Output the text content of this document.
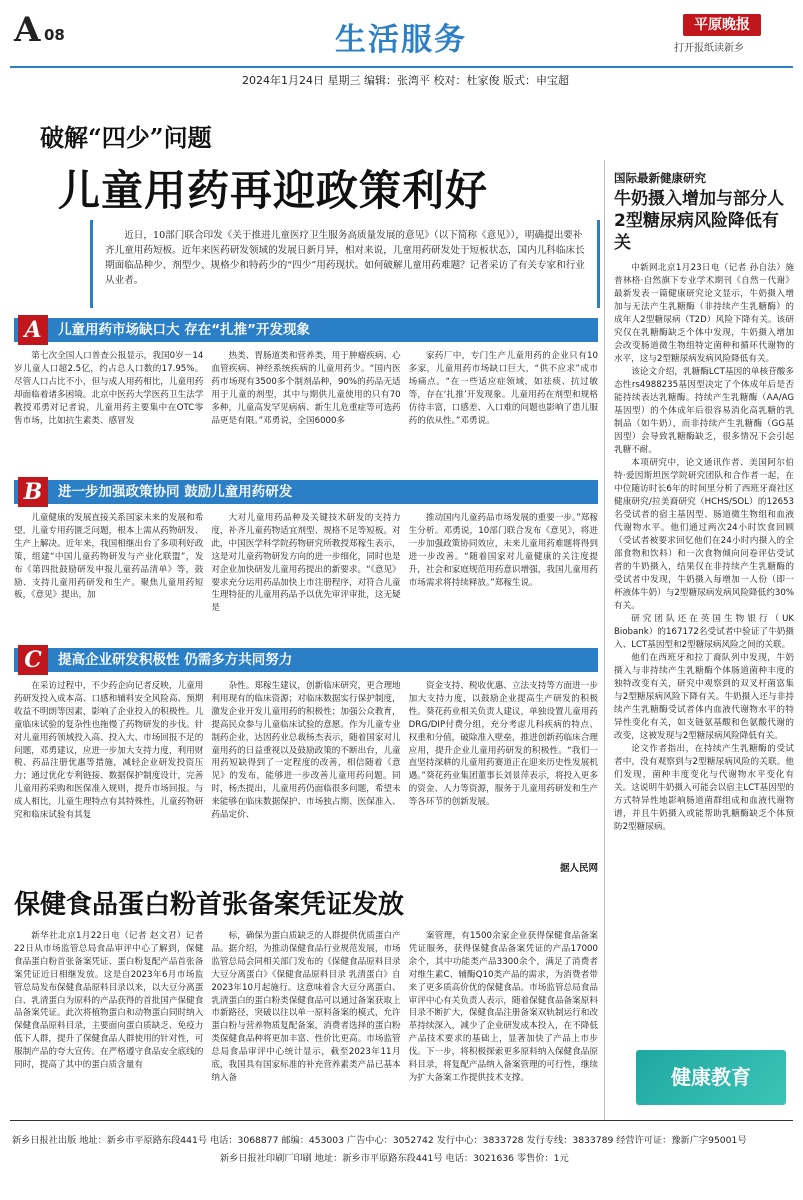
A 08	生活服务	平原晚报
打开报纸读新乡
2024年1月24日 星期三 编辑：张湾平 校对：杜家俊 版式：申宝超
破解“四少”问题
儿童用药再迎政策利好
近日，10部门联合印发《关于推进儿童医疗卫生服务高质量发展的意见》（以下简称《意见》），明确提出要补齐儿童用药短板。近年来医药研发领域的发展日新月异，相对来说，儿童用药研发处于短板状态，国内儿科临床长期面临品种少、剂型少、规格少和特药少的“四少”用药现状。如何破解儿童用药难题？记者采访了有关专家和行业从业者。
儿童用药市场缺口大 存在“扎推”开发现象
A
第七次全国人口普查公报显示，我国0岁－14岁儿童人口超2.5亿，约占总人口数的17.95%。尽管人口占比不小，但与成人用药相比，儿童用药却面临着诸多困境。北京中医药大学医药卫生法学教授邓勇对记者说，儿童用药主要集中在OTC零售市场，比如抗生素类、感冒发
热类、胃肠道类和营养类，用于肿瘤疾病、心血管疾病、神经系统疾病的儿童用药少。“国内医药市场现有3500多个制剂品种，90%的药品无适用于儿童的剂型，其中与期供儿童使用的只有70多种，儿童高发罕见病病、新生儿危重症等可选药品更是有限。”邓勇说，全国6000多
家药厂中，专门生产儿童用药的企业只有10多家，儿童用药市场缺口巨大，“供不应求”成市场痛点。“在一些适应症领域，如祛痰、抗过敏等，存在‘扎推’开发现象。儿童用药在剂型和规格仿待丰富，口感差、入口难的问题也影响了患儿服药的依从性。”邓勇说。
进一步加强政策协同 鼓励儿童用药研发
B
儿童健康的发展直接关系国家未来的发展和希望，儿童专用药匮乏问题，根本上需从药物研发、生产上解决。近年来，我国相继出台了多项利好政策，组建“中国儿童药物研发与产业化联盟”，发布《第四批鼓励研发申报儿童药品清单》等，鼓励、支持儿童用药研发和生产。聚焦儿童用药短板，《意见》提出，加
大对儿童用药品种及关键技术研发的支持力度，补齐儿童药物适宜剂型、规格不足等短板。对此，中国医学科学院药物研究所教授郑稼生表示，这是对儿童药物研发方向的进一步细化，同时也是对企业加快研发儿童用药提出的新要求。“《意见》要求充分运用药品加快上市注册程序，对符合儿童生理特征的儿童用药品予以优先审评审批，这无疑是
推动国内儿童药品市场发展的重要一步。”郑稼生分析。邓勇说，10部门联合发布《意见》，将进一步加强政策协同效应，未来儿童用药难题将得到进一步改善。“随着国家对儿童健康的关注度提升，社会和家庭规范用药意识增强，我国儿童用药市场需求将持续释放。”郑稼生说。
提高企业研发积极性 仍需多方共同努力
C
在采访过程中，不少药企向记者反映，儿童用药研发投入成本高、口感和辅料安全风险高、预期收益不明朗等因素，影响了企业投入的积极性。儿童临床试验的复杂性也拖慢了药物研发的步伐。针对儿童用药领域投入高、投入大、市场回报不足的问题，邓勇建议，应进一步加大支持力度，利用财税、药品注册优惠等措施，减轻企业研发投资压力；通过优化专利链接、数据保护制度设计，完善儿童用药采购和医保准入规则，提升市场回报。与成人相比，儿童生理特点有其特殊性，儿童药物研究和临床试验有其复
杂性。郑稼生建议，创新临床研究，更合理地利用现有的临床资源；对临床数据实行保护制度，激发企业开发儿童用药的积极性；加强公众教育，提高民众参与儿童临床试验的意愿。作为儿童专业制药企业，达因药业总裁杨杰表示，随着国家对儿童用药的日益重视以及鼓励政策的不断出台，儿童用药短缺得到了一定程度的改善，相信随着《意见》的发布，能够进一步改善儿童用药问题。同时，杨杰提出，儿童用药仍面临很多问题，希望未来能够在临床数据保护、市场独占期、医保准入、药品定价、
资金支持、税收优惠、立法支持等方面进一步加大支持力度，以鼓励企业提高生产研发的积极性。葵花药业相关负责人建议，单独设置儿童用药DRG/DIP付费分组，充分考虑儿科疾病的特点、权重和分值，破除准入壁垒，推进创新药临床合理应用，提升企业儿童用药研发的积极性。“我们一直坚持深耕的儿童用药赛道正在迎来历史性发展机遇。”葵花药业集团董事长刘景萍表示，将投入更多的资金、人力等资源，服务于儿童用药研发和生产等各环节的创新发展。
据人民网
国际最新健康研究
牛奶摄入增加与部分人2型糖尿病风险降低有关

中新网北京1月23日电（记者 孙自法）施普林格·自然旗下专业学术期刊《自然－代谢》最新发表一篇健康研究论文显示，牛奶摄入增加与无法产生乳糖酶（非持续产生乳糖酶）的成年人2型糖尿病（T2D）风险下降有关。该研究仅在乳糖酶缺乏个体中发现，牛奶摄入增加会改变肠道微生物组特定菌种和循环代谢物的水平，这与2型糖尿病发病风险降低有关。

该论文介绍，乳糖酶LCT基因的单核苷酸多态性rs4988235基因型决定了个体成年后是否能持续表达乳糖酶。持续产生乳糖酶（AA/AG基因型）的个体成年后很容易消化高乳糖的乳制品（如牛奶），而非持续产生乳糖酶（GG基因型）会导致乳糖酶缺乏，很多情况下会引起乳糖不耐。

本项研究中，论文通讯作者、美国阿尔伯特·爱因斯坦医学院研究团队和合作者一起，在中位随访时长6年的时间里分析了西班牙裔社区健康研究/拉美裔研究（HCHS/SOL）的12653名受试者的宿主基因型、肠道微生物组和血液代谢物水平。他们通过两次24小时饮食回顾（受试者被要求回忆他们在24小时内摄入的全部食物和饮料）和一次食物倾向问卷评估受试者的牛奶摄入，结果仅在非持续产生乳糖酶的受试者中发现，牛奶摄入每增加一人份（即一杯液体牛奶）与2型糖尿病发病风险降低约30%有关。

研究团队还在英国生物银行（UK Biobank）的167172名受试者中验证了牛奶摄入、LCT基因型和2型糖尿病风险之间的关联。

他们在西班牙和拉丁裔队列中发现，牛奶摄入与非持续产生乳糖酶个体肠道菌种丰度的独特改变有关，研究中观察到的双叉杆菌富集与2型糖尿病风险下降有关。牛奶摄入还与非持续产生乳糖酶受试者体内血液代谢物水平的特异性变化有关，如支链氨基酸和色氨酸代谢的改变，这被发现与2型糖尿病风险降低有关。

论文作者指出，在持续产生乳糖酶的受试者中，没有观察到与2型糖尿病风险的关联。他们发现，菌种丰度变化与代谢物水平变化有关。这说明牛奶摄入可能会以宿主LCT基因型的方式特异性地影响肠道菌群组成和血液代谢物谱，并且牛奶摄入或能帮助乳糖酶缺乏个体预防2型糖尿病。

健康教育
保健食品蛋白粉首张备案凭证发放
新华社北京1月22日电（记者 赵文君）记者22日从市场监管总局食品审评中心了解到，保健食品蛋白粉首张备案凭证、蛋白粉复配产品首张备案凭证近日相继发放。这是自2023年6月市场监管总局发布保健食品原料目录以来，以大豆分离蛋白、乳清蛋白为原料的产品获得的首批国产保健食品备案凭证。此次将植物蛋白和动物蛋白同时纳入保健食品原料目录，主要面向蛋白质缺乏、免疫力低下人群，提升了保健食品人群使用的针对性，可服制产品的夸大宣传。在严格遵守食品安全底线的同时，提高了其中的蛋白质含量有
标，确保为蛋白质缺乏的人群提供优质蛋白产品。据介绍，为推动保健食品行业规范发展，市场监管总局会同相关部门发布的《保健食品原料目录 大豆分离蛋白》《保健食品原料目录 乳清蛋白》自2023年10月起施行。这意味着含大豆分离蛋白、乳清蛋白的蛋白粉类保健食品可以通过备案获取上市新路径，突破以往以单一原料备案的模式，允许蛋白粉与营养物质复配备案，消费者选择的蛋白粉类保健食品种将更加丰富、性价比更高。市场监管总局食品审评中心统计显示，截至2023年11月底，我国具有国家标准的补充营养素类产品已基本纳入备
案管理，有1500余家企业获得保健食品备案凭证服务，获得保健食品备案凭证的产品17000余个，其中功能类产品3300余个，满足了消费者对维生素C、辅酶Q10类产品的需求，为消费者带来了更多质高价优的保健食品。市场监管总局食品审评中心有关负责人表示，随着保健食品备案原料目录不断扩大，保健食品注册备案双轨制运行和改革持续深入，减少了企业研发成本投入，在不降低产品技术要求的基础上，显著加快了产品上市步伐。下一步，将积极探索更多原料纳入保健食品原料目录，将复配产品纳入备案管理的可行性，继续为扩大备案工作提供技术支撑。
新乡日报社出版 地址：新乡市平原路东段441号 电话：3068877 邮编：453003 广告中心：3052742 发行中心：3833728 发行专线：3833789 经营许可证：豫新广字95001号
新乡日报社印刷厂印刷 地址：新乡市平原路东段441号 电话：3021636 零售价：1元
